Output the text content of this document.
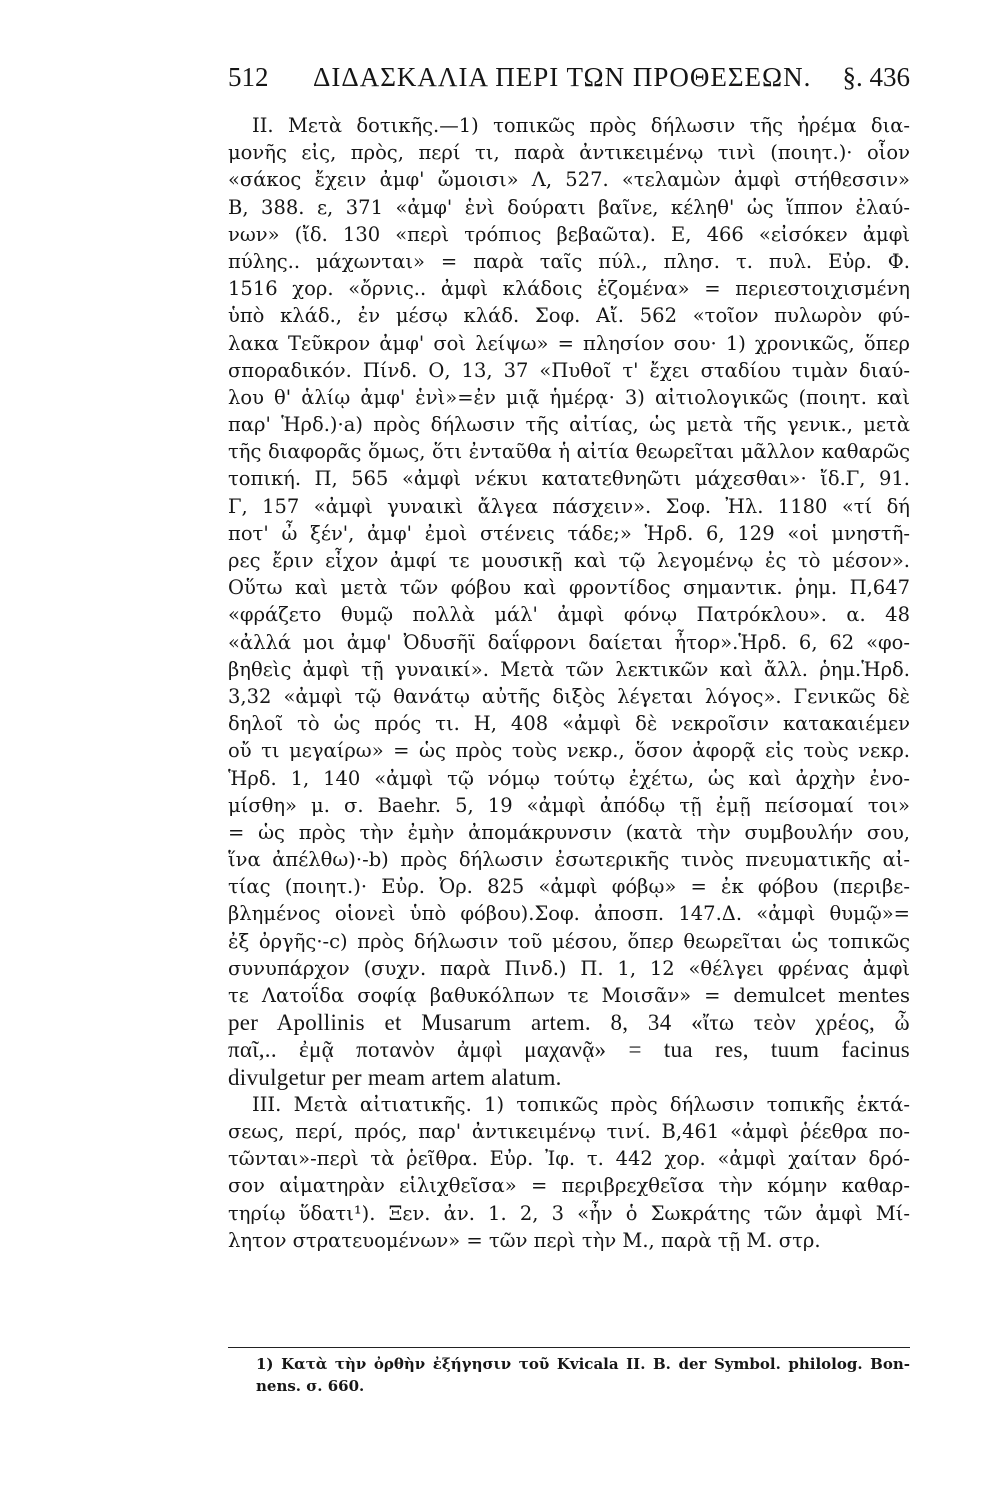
512 ΔΙΔΑΣΚΑΛΙΑ ΠΕΡΙ ΤΩΝ ΠΡΟΘΕΣΕΩΝ. §. 436
II. Μετὰ δοτικῆς.—1) τοπικῶς πρὸς δήλωσιν τῆς ἠρέμα δια-
μονῆς εἰς, πρὸς, περί τι, παρὰ ἀντικειμένῳ τινὶ (ποιητ.)· οἷον
«σάκος ἔχειν ἀμφ' ὤμοισι» Λ, 527. «τελαμὼν ἀμφὶ στήθεσσιν»
Β, 388. ε, 371 «ἀμφ' ἑνὶ δούρατι βαῖνε, κέληθ' ὡς ἵππον ἐλαύ-
νων» (ἴδ. 130 «περὶ τρόπιος βεβαῶτα). Ε, 466 «εἰσόκεν ἀμφὶ
πύλης.. μάχωνται» = παρὰ ταῖς πύλ., πλησ. τ. πυλ. Εὐρ. Φ.
1516 χορ. «ὄρνις.. ἀμφὶ κλάδοις ἑζομένα» = περιεστοιχισμένη
ὑπὸ κλάδ., ἐν μέσῳ κλάδ. Σοφ. Αἴ. 562 «τοῖον πυλωρὸν φύ-
λακα Τεῦκρον ἀμφ' σοὶ λείψω» = πλησίον σου· 1) χρονικῶς, ὅπερ
σποραδικόν. Πίνδ. Ο, 13, 37 «Πυθοῖ τ' ἔχει σταδίου τιμὰν διαύ-
λου θ' ἁλίῳ ἀμφ' ἑνὶ»=ἐν μιᾷ ἡμέρᾳ· 3) αἰτιολογικῶς (ποιητ. καὶ
παρ' Ἡρδ.)·a) πρὸς δήλωσιν τῆς αἰτίας, ὡς μετὰ τῆς γενικ., μετὰ
τῆς διαφορᾶς ὅμως, ὅτι ἐνταῦθα ἡ αἰτία θεωρεῖται μᾶλλον καθαρῶς
τοπική. Π, 565 «ἀμφὶ νέκυι κατατεθνηῶτι μάχεσθαι»· ἴδ.Γ, 91.
Γ, 157 «ἀμφὶ γυναικὶ ἄλγεα πάσχειν». Σοφ. Ἠλ. 1180 «τί δή
ποτ' ὦ ξέν', ἀμφ' ἐμοὶ στένεις τάδε;» Ἡρδ. 6, 129 «οἱ μνηστῆ-
ρες ἔριν εἶχον ἀμφί τε μουσικῇ καὶ τῷ λεγομένῳ ἐς τὸ μέσον».
Οὕτω καὶ μετὰ τῶν φόβου καὶ φροντίδος σημαντικ. ῥημ. Π,647
«φράζετο θυμῷ πολλὰ μάλ' ἀμφὶ φόνῳ Πατρόκλου». α. 48
«ἀλλά μοι ἀμφ' Ὀδυσῆϊ δαΐφρονι δαίεται ἦτορ».Ἡρδ. 6, 62 «φο-
βηθεὶς ἀμφὶ τῇ γυναικί». Μετὰ τῶν λεκτικῶν καὶ ἄλλ. ῥημ.Ἡρδ.
3,32 «ἀμφὶ τῷ θανάτῳ αὐτῆς διξὸς λέγεται λόγος». Γενικῶς δὲ
δηλοῖ τὸ ὡς πρός τι. Η, 408 «ἀμφὶ δὲ νεκροῖσιν κατακαιέμεν
οὔ τι μεγαίρω» = ὡς πρὸς τοὺς νεκρ., ὅσον ἀφορᾷ εἰς τοὺς νεκρ.
Ἡρδ. 1, 140 «ἀμφὶ τῷ νόμῳ τούτῳ ἐχέτω, ὡς καὶ ἀρχὴν ἐνο-
μίσθη» μ. σ. Baehr. 5, 19 «ἀμφὶ ἀπόδῳ τῇ ἐμῇ πείσομαί τοι»
= ὡς πρὸς τὴν ἐμὴν ἀπομάκρυνσιν (κατὰ τὴν συμβουλήν σου,
ἵνα ἀπέλθω)·-b) πρὸς δήλωσιν ἐσωτερικῆς τινὸς πνευματικῆς αἰ-
τίας (ποιητ.)· Εὐρ. Ὀρ. 825 «ἀμφὶ φόβῳ» = ἐκ φόβου (περιβε-
βλημένος οἱονεὶ ὑπὸ φόβου).Σοφ. ἀποσπ. 147.Δ. «ἀμφὶ θυμῷ»=
ἐξ ὀργῆς·-c) πρὸς δήλωσιν τοῦ μέσου, ὅπερ θεωρεῖται ὡς τοπικῶς
συνυπάρχον (συχν. παρὰ Πινδ.) Π. 1, 12 «θέλγει φρένας ἀμφὶ
τε Λατοΐδα σοφίᾳ βαθυκόλπων τε Μοισᾶν» = demulcet mentes
per Apollinis et Musarum artem. 8, 34 «ἴτω τεὸν χρέος, ὦ
παῖ,.. ἐμᾷ ποτανὸν ἀμφὶ μαχανᾷ» = tua res, tuum facinus
divulgetur per meam artem alatum.
III. Μετὰ αἰτιατικῆς. 1) τοπικῶς πρὸς δήλωσιν τοπικῆς ἐκτά-
σεως, περί, πρός, παρ' ἀντικειμένῳ τινί. Β,461 «ἀμφὶ ῥέεθρα πο-
τῶνται»-περὶ τὰ ῥεῖθρα. Εὐρ. Ἰφ. τ. 442 χορ. «ἀμφὶ χαίταν δρό-
σον αἱματηρὰν εἱλιχθεῖσα» = περιβρεχθεῖσα τὴν κόμην καθαρ-
τηρίῳ ὕδατι¹). Ξεν. ἀν. 1. 2, 3 «ἦν ὁ Σωκράτης τῶν ἀμφὶ Μί-
λητον στρατευομένων» = τῶν περὶ τὴν Μ., παρὰ τῇ Μ. στρ.
1) Κατὰ τὴν ὀρθὴν ἐξήγησιν τοῦ Kvicala II. B. der Symbol. philolog. Bon-
nens. σ. 660.
